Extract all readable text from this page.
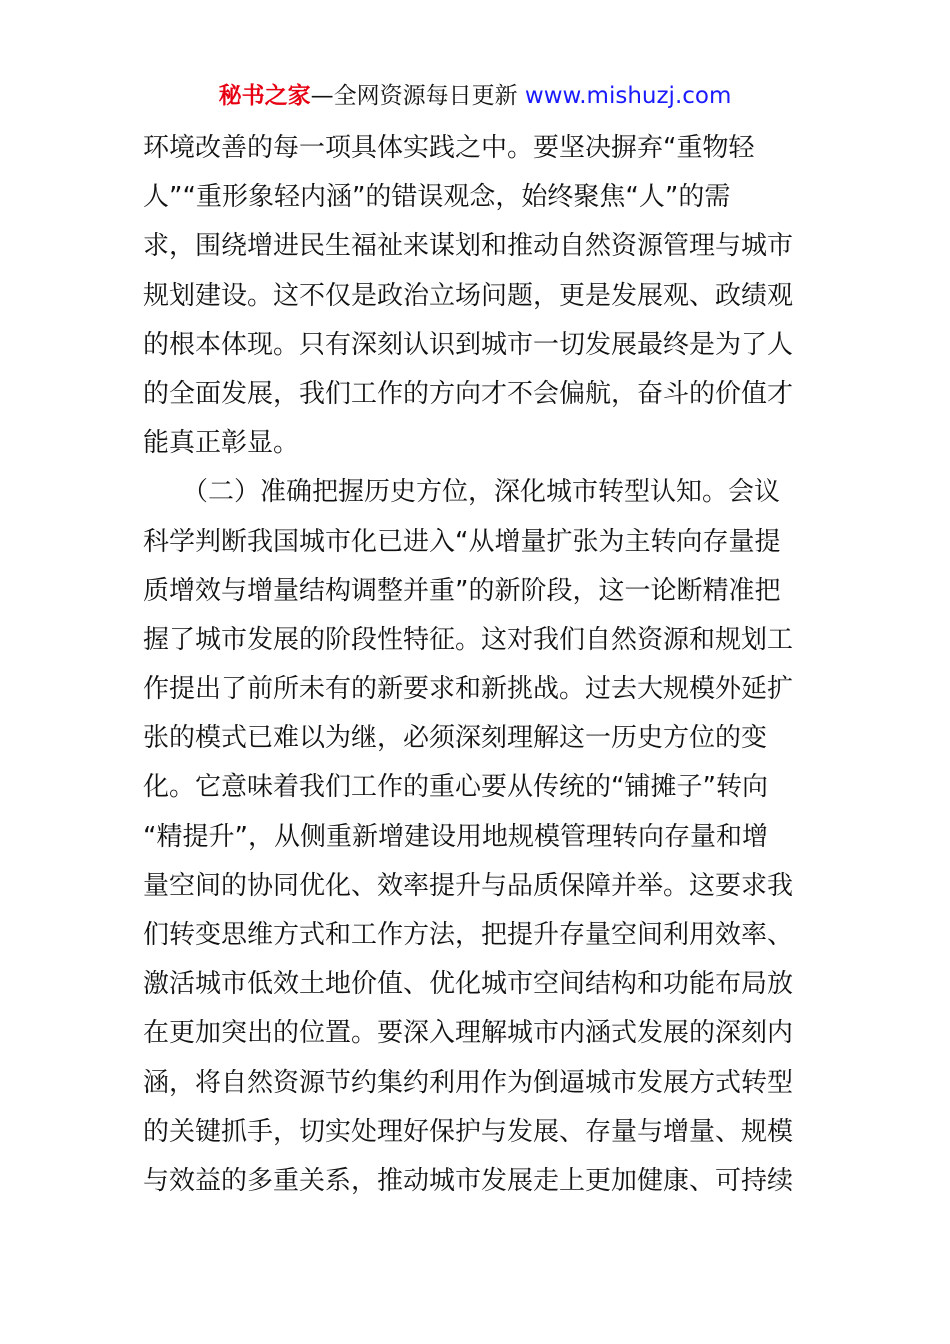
秘书之家—全网资源每日更新 www.mishuzj.com
环境改善的每一项具体实践之中。要坚决摒弃“重物轻
人”“重形象轻内涵”的错误观念，始终聚焦“人”的需
求，围绕增进民生福祉来谋划和推动自然资源管理与城市
规划建设。这不仅是政治立场问题，更是发展观、政绩观
的根本体现。只有深刻认识到城市一切发展最终是为了人
的全面发展，我们工作的方向才不会偏航，奋斗的价值才
能真正彰显。
　　（二）准确把握历史方位，深化城市转型认知。会议
科学判断我国城市化已进入“从增量扩张为主转向存量提
质增效与增量结构调整并重”的新阶段，这一论断精准把
握了城市发展的阶段性特征。这对我们自然资源和规划工
作提出了前所未有的新要求和新挑战。过去大规模外延扩
张的模式已难以为继，必须深刻理解这一历史方位的变
化。它意味着我们工作的重心要从传统的“铺摊子”转向
“精提升”，从侧重新增建设用地规模管理转向存量和增
量空间的协同优化、效率提升与品质保障并举。这要求我
们转变思维方式和工作方法，把提升存量空间利用效率、
激活城市低效土地价值、优化城市空间结构和功能布局放
在更加突出的位置。要深入理解城市内涵式发展的深刻内
涵，将自然资源节约集约利用作为倒逼城市发展方式转型
的关键抓手，切实处理好保护与发展、存量与增量、规模
与效益的多重关系，推动城市发展走上更加健康、可持续
